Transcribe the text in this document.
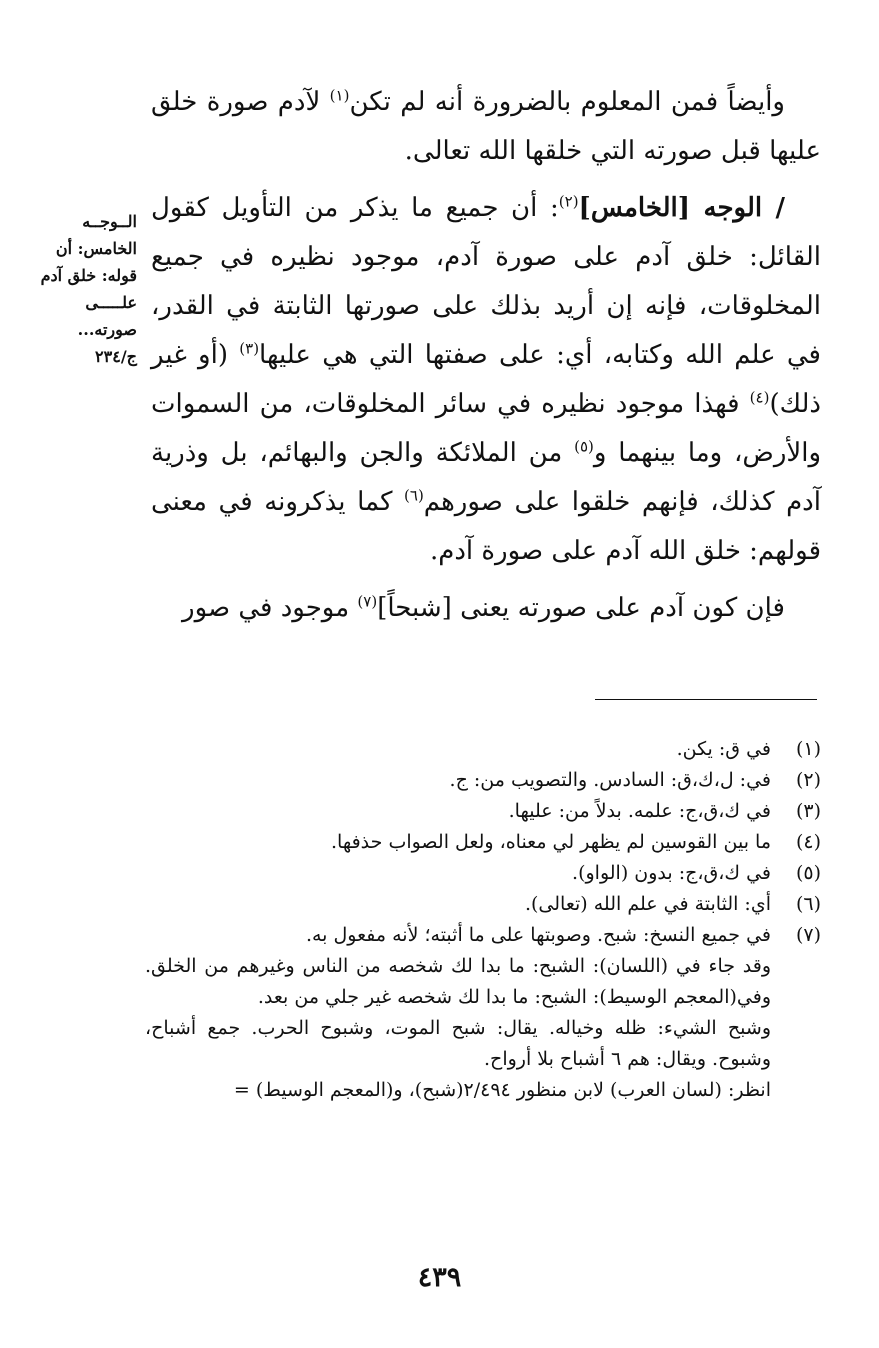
وأيضاً فمن المعلوم بالضرورة أنه لم تكن$^{(١)}$ لآدم صورة خلق عليها قبل صورته التي خلقها الله تعالى.

/ الوجه [الخامس]$^{(٢)}$: أن جميع ما يذكر من التأويل كقول القائل: خلق آدم على صورة آدم، موجود نظيره في جميع المخلوقات، فإنه إن أريد بذلك على صورتها الثابتة في القدر، في علم الله وكتابه، أي: على صفتها التي هي عليها$^{(٣)}$ (أو غير ذلك)$^{(٤)}$ فهذا موجود نظيره في سائر المخلوقات، من السموات والأرض، وما بينهما و$^{(٥)}$ من الملائكة والجن والبهائم، بل وذرية آدم كذلك، فإنهم خلقوا على صورهم$^{(٦)}$ كما يذكرونه في معنى قولهم: خلق الله آدم على صورة آدم.

فإن كون آدم على صورته يعنى [شبحاً]$^{(٧)}$ موجود في صور

الــوجــه
الخامس: أن
قوله: خلق آدم
علـــــى
صورته...
ج/٢٣٤
(١)
في ق: يكن.
(٢)
في: ل،ك،ق: السادس. والتصويب من: ج.
(٣)
في ك،ق،ج: علمه. بدلاً من: عليها.
(٤)
ما بين القوسين لم يظهر لي معناه، ولعل الصواب حذفها.
(٥)
في ك،ق،ج: بدون (الواو).
(٦)
أي: الثابتة في علم الله (تعالى).
(٧)
في جميع النسخ: شبح. وصوبتها على ما أثبته؛ لأنه مفعول به.
وقد جاء في (اللسان): الشبح: ما بدا لك شخصه من الناس وغيرهم من الخلق. وفي(المعجم الوسيط): الشبح: ما بدا لك شخصه غير جلي من بعد.
وشبح الشيء: ظله وخياله. يقال: شبح الموت، وشبوح الحرب. جمع أشباح، وشبوح. ويقال: هم ٦ أشباح بلا أرواح.
انظر: (لسان العرب) لابن منظور ٢/٤٩٤(شبح)، و(المعجم الوسيط) =
٤٣٩
